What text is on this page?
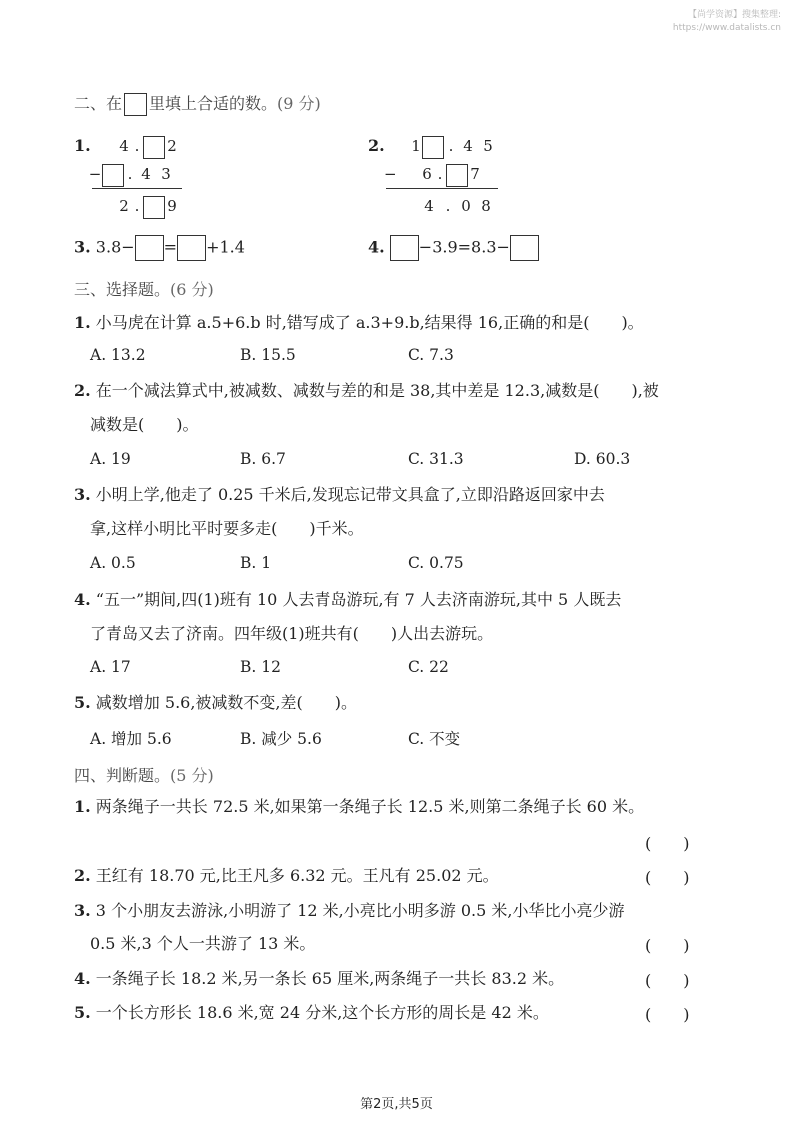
【尚学资源】搜集整理:
https://www.datalists.cn
二、在 里填上合适的数。(9 分)
1. 4 . 2
− . 4 3
2 . 9
2. 1 . 4 5
− 6 . 7
4 . 0 8
3. 3.8− = +1.4	4. −3.9=8.3−
三、选择题。(6 分)
1. 小马虎在计算 a.5+6.b 时,错写成了 a.3+9.b,结果得 16,正确的和是(　　)。
A. 13.2	B. 15.5	C. 7.3
2. 在一个减法算式中,被减数、减数与差的和是 38,其中差是 12.3,减数是(　　),被
减数是(　　)。
A. 19	B. 6.7	C. 31.3	D. 60.3
3. 小明上学,他走了 0.25 千米后,发现忘记带文具盒了,立即沿路返回家中去
拿,这样小明比平时要多走(　　)千米。
A. 0.5	B. 1	C. 0.75
4. “五一”期间,四(1)班有 10 人去青岛游玩,有 7 人去济南游玩,其中 5 人既去
了青岛又去了济南。四年级(1)班共有(　　)人出去游玩。
A. 17	B. 12	C. 22
5. 减数增加 5.6,被减数不变,差(　　)。
A. 增加 5.6	B. 减少 5.6	C. 不变
四、判断题。(5 分)
1. 两条绳子一共长 72.5 米,如果第一条绳子长 12.5 米,则第二条绳子长 60 米。
(　　)
2. 王红有 18.70 元,比王凡多 6.32 元。王凡有 25.02 元。	(　　)
3. 3 个小朋友去游泳,小明游了 12 米,小亮比小明多游 0.5 米,小华比小亮少游
0.5 米,3 个人一共游了 13 米。	(　　)
4. 一条绳子长 18.2 米,另一条长 65 厘米,两条绳子一共长 83.2 米。	(　　)
5. 一个长方形长 18.6 米,宽 24 分米,这个长方形的周长是 42 米。	(　　)
第2页,共5页
